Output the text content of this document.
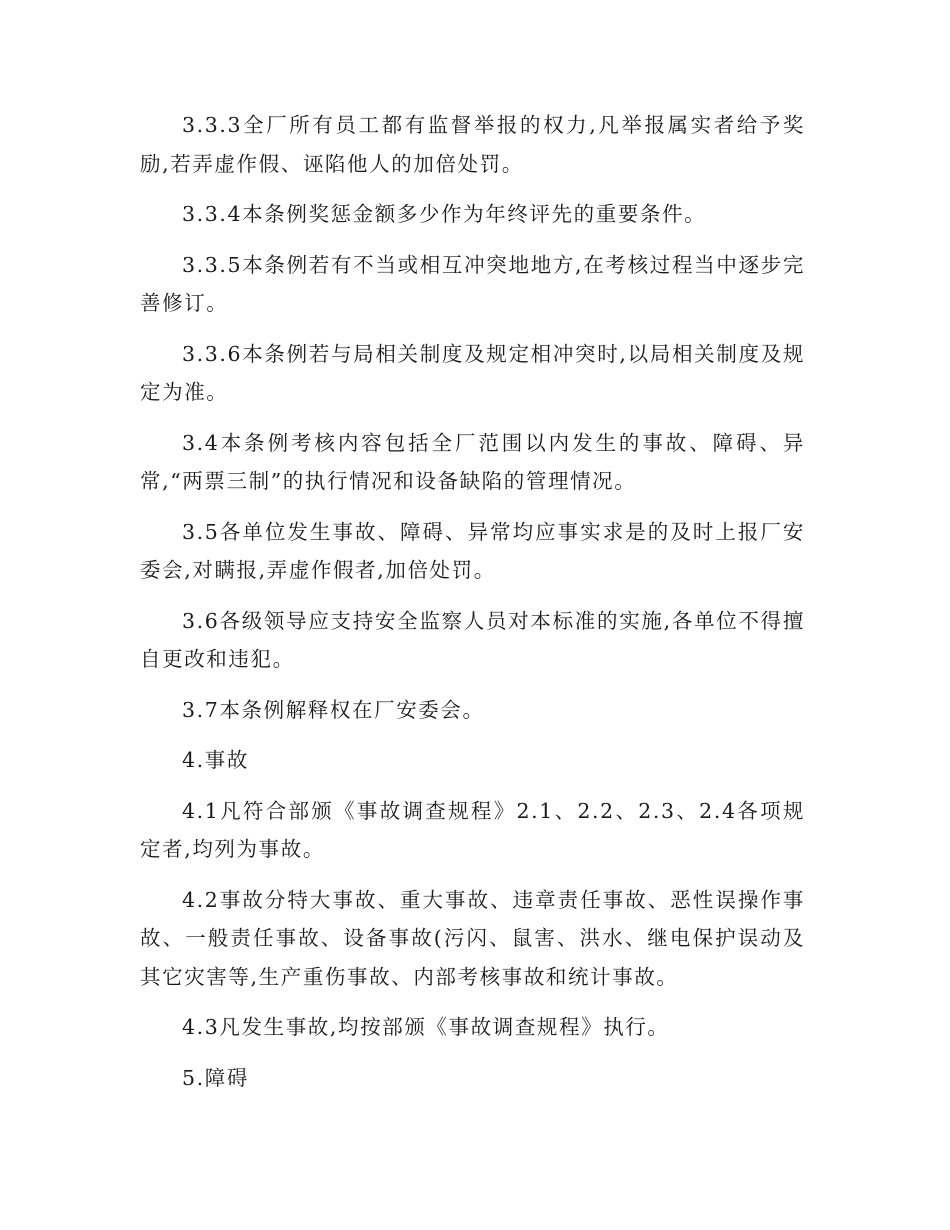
3.3.3全厂所有员工都有监督举报的权力,凡举报属实者给予奖励,若弄虚作假、诬陷他人的加倍处罚。

3.3.4本条例奖惩金额多少作为年终评先的重要条件。

3.3.5本条例若有不当或相互冲突地地方,在考核过程当中逐步完善修订。

3.3.6本条例若与局相关制度及规定相冲突时,以局相关制度及规定为准。

3.4本条例考核内容包括全厂范围以内发生的事故、障碍、异常,“两票三制”的执行情况和设备缺陷的管理情况。

3.5各单位发生事故、障碍、异常均应事实求是的及时上报厂安委会,对瞒报,弄虚作假者,加倍处罚。

3.6各级领导应支持安全监察人员对本标准的实施,各单位不得擅自更改和违犯。

3.7本条例解释权在厂安委会。

4.事故

4.1凡符合部颁《事故调查规程》2.1、2.2、2.3、2.4各项规定者,均列为事故。

4.2事故分特大事故、重大事故、违章责任事故、恶性误操作事故、一般责任事故、设备事故(污闪、鼠害、洪水、继电保护误动及其它灾害等,生产重伤事故、内部考核事故和统计事故。

4.3凡发生事故,均按部颁《事故调查规程》执行。

5.障碍
